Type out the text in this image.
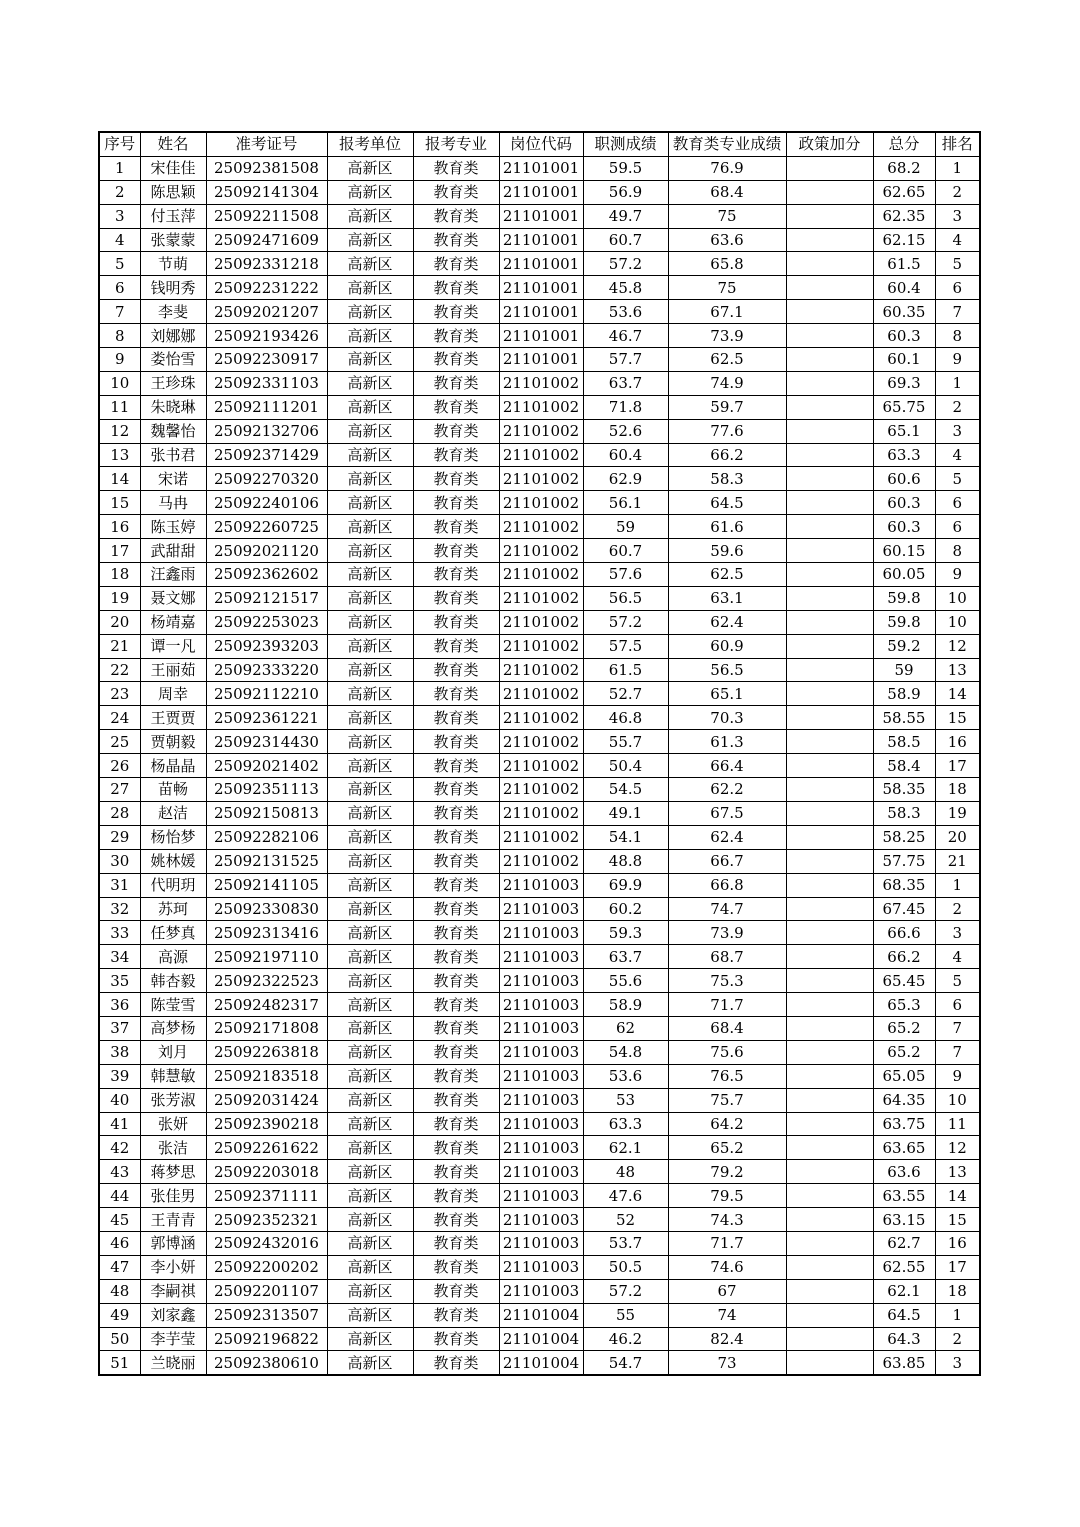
序号	姓名	准考证号	报考单位	报考专业	岗位代码	职测成绩	教育类专业成绩	政策加分	总分	排名
1	宋佳佳	25092381508	高新区	教育类	21101001	59.5	76.9		68.2	1
2	陈思颖	25092141304	高新区	教育类	21101001	56.9	68.4		62.65	2
3	付玉萍	25092211508	高新区	教育类	21101001	49.7	75		62.35	3
4	张蒙蒙	25092471609	高新区	教育类	21101001	60.7	63.6		62.15	4
5	节萌	25092331218	高新区	教育类	21101001	57.2	65.8		61.5	5
6	钱明秀	25092231222	高新区	教育类	21101001	45.8	75		60.4	6
7	李斐	25092021207	高新区	教育类	21101001	53.6	67.1		60.35	7
8	刘娜娜	25092193426	高新区	教育类	21101001	46.7	73.9		60.3	8
9	娄怡雪	25092230917	高新区	教育类	21101001	57.7	62.5		60.1	9
10	王珍珠	25092331103	高新区	教育类	21101002	63.7	74.9		69.3	1
11	朱晓琳	25092111201	高新区	教育类	21101002	71.8	59.7		65.75	2
12	魏馨怡	25092132706	高新区	教育类	21101002	52.6	77.6		65.1	3
13	张书君	25092371429	高新区	教育类	21101002	60.4	66.2		63.3	4
14	宋诺	25092270320	高新区	教育类	21101002	62.9	58.3		60.6	5
15	马冉	25092240106	高新区	教育类	21101002	56.1	64.5		60.3	6
16	陈玉婷	25092260725	高新区	教育类	21101002	59	61.6		60.3	6
17	武甜甜	25092021120	高新区	教育类	21101002	60.7	59.6		60.15	8
18	汪鑫雨	25092362602	高新区	教育类	21101002	57.6	62.5		60.05	9
19	聂文娜	25092121517	高新区	教育类	21101002	56.5	63.1		59.8	10
20	杨靖嘉	25092253023	高新区	教育类	21101002	57.2	62.4		59.8	10
21	谭一凡	25092393203	高新区	教育类	21101002	57.5	60.9		59.2	12
22	王丽茹	25092333220	高新区	教育类	21101002	61.5	56.5		59	13
23	周幸	25092112210	高新区	教育类	21101002	52.7	65.1		58.9	14
24	王贾贾	25092361221	高新区	教育类	21101002	46.8	70.3		58.55	15
25	贾朝毅	25092314430	高新区	教育类	21101002	55.7	61.3		58.5	16
26	杨晶晶	25092021402	高新区	教育类	21101002	50.4	66.4		58.4	17
27	苗畅	25092351113	高新区	教育类	21101002	54.5	62.2		58.35	18
28	赵洁	25092150813	高新区	教育类	21101002	49.1	67.5		58.3	19
29	杨怡梦	25092282106	高新区	教育类	21101002	54.1	62.4		58.25	20
30	姚林媛	25092131525	高新区	教育类	21101002	48.8	66.7		57.75	21
31	代明玥	25092141105	高新区	教育类	21101003	69.9	66.8		68.35	1
32	苏珂	25092330830	高新区	教育类	21101003	60.2	74.7		67.45	2
33	任梦真	25092313416	高新区	教育类	21101003	59.3	73.9		66.6	3
34	高源	25092197110	高新区	教育类	21101003	63.7	68.7		66.2	4
35	韩杏毅	25092322523	高新区	教育类	21101003	55.6	75.3		65.45	5
36	陈莹雪	25092482317	高新区	教育类	21101003	58.9	71.7		65.3	6
37	高梦杨	25092171808	高新区	教育类	21101003	62	68.4		65.2	7
38	刘月	25092263818	高新区	教育类	21101003	54.8	75.6		65.2	7
39	韩慧敏	25092183518	高新区	教育类	21101003	53.6	76.5		65.05	9
40	张芳淑	25092031424	高新区	教育类	21101003	53	75.7		64.35	10
41	张妍	25092390218	高新区	教育类	21101003	63.3	64.2		63.75	11
42	张洁	25092261622	高新区	教育类	21101003	62.1	65.2		63.65	12
43	蒋梦思	25092203018	高新区	教育类	21101003	48	79.2		63.6	13
44	张佳男	25092371111	高新区	教育类	21101003	47.6	79.5		63.55	14
45	王青青	25092352321	高新区	教育类	21101003	52	74.3		63.15	15
46	郭博涵	25092432016	高新区	教育类	21101003	53.7	71.7		62.7	16
47	李小妍	25092200202	高新区	教育类	21101003	50.5	74.6		62.55	17
48	李嗣祺	25092201107	高新区	教育类	21101003	57.2	67		62.1	18
49	刘家鑫	25092313507	高新区	教育类	21101004	55	74		64.5	1
50	李芋莹	25092196822	高新区	教育类	21101004	46.2	82.4		64.3	2
51	兰晓丽	25092380610	高新区	教育类	21101004	54.7	73		63.85	3
